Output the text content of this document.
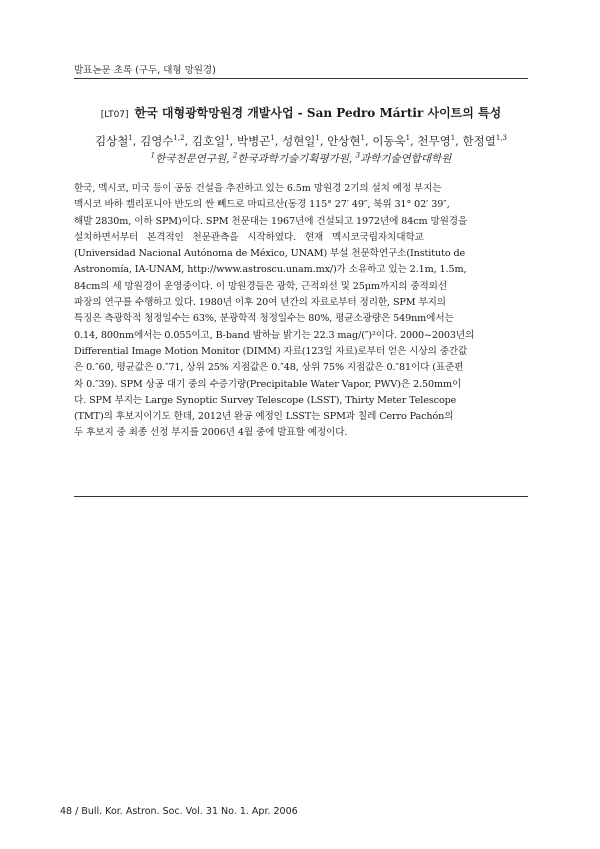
발표논문 초록 (구두, 대형 망원경)
[LT07] 한국 대형광학망원경 개발사업 - San Pedro Mártir 사이트의 특성
김상철$^1$, 김영수$^{1,2}$, 김호일$^1$, 박병곤$^1$, 성현일$^1$, 안상현$^1$, 이동욱$^1$, 천무영$^1$, 한정열$^{1,3}$
$^1$한국천문연구원, $^2$한국과학기술기획평가원, $^3$과학기술연합대학원
한국, 멕시코, 미국 등이 공동 건설을 추진하고 있는 6.5m 망원경 2기의 설치 예정 부지는
멕시코 바하 캘리포니아 반도의 싼 뻬드로 마띠르산(동경 115° 27′ 49″, 북위 31° 02′ 39″,
해발 2830m, 이하 SPM)이다. SPM 천문대는 1967년에 건설되고 1972년에 84cm 망원경을
설치하면서부터   본격적인   천문관측을   시작하였다.   현재   멕시코국립자치대학교
(Universidad Nacional Autónoma de México, UNAM) 부설 천문학연구소(Instituto de
Astronomía, IA-UNAM, http://www.astroscu.unam.mx/)가 소유하고 있는 2.1m, 1.5m,
84cm의 세 망원경이 운영중이다. 이 망원경들은 광학, 근적외선 및 25μm까지의 중적외선
파장의 연구를 수행하고 있다. 1980년 이후 20여 년간의 자료로부터 정리한, SPM 부지의
특징은 측광학적 청정일수는 63%, 분광학적 청정일수는 80%, 평균소광량은 549nm에서는
0.14, 800nm에서는 0.055이고, B-band 밤하늘 밝기는 22.3 mag/(″)²이다. 2000~2003년의
Differential Image Motion Monitor (DIMM) 자료(123일 자료)로부터 얻은 시상의 중간값
은 0.″60, 평균값은 0.″71, 상위 25% 지점값은 0.″48, 상위 75% 지점값은 0.″81이다 (표준편
차 0.″39). SPM 상공 대기 중의 수증기량(Precipitable Water Vapor, PWV)은 2.50mm이
다. SPM 부지는 Large Synoptic Survey Telescope (LSST), Thirty Meter Telescope
(TMT)의 후보지이기도 한데, 2012년 완공 예정인 LSST는 SPM과 칠레 Cerro Pachón의
두 후보지 중 최종 선정 부지를 2006년 4월 중에 발표할 예정이다.
48 / Bull. Kor. Astron. Soc. Vol. 31 No. 1. Apr. 2006
